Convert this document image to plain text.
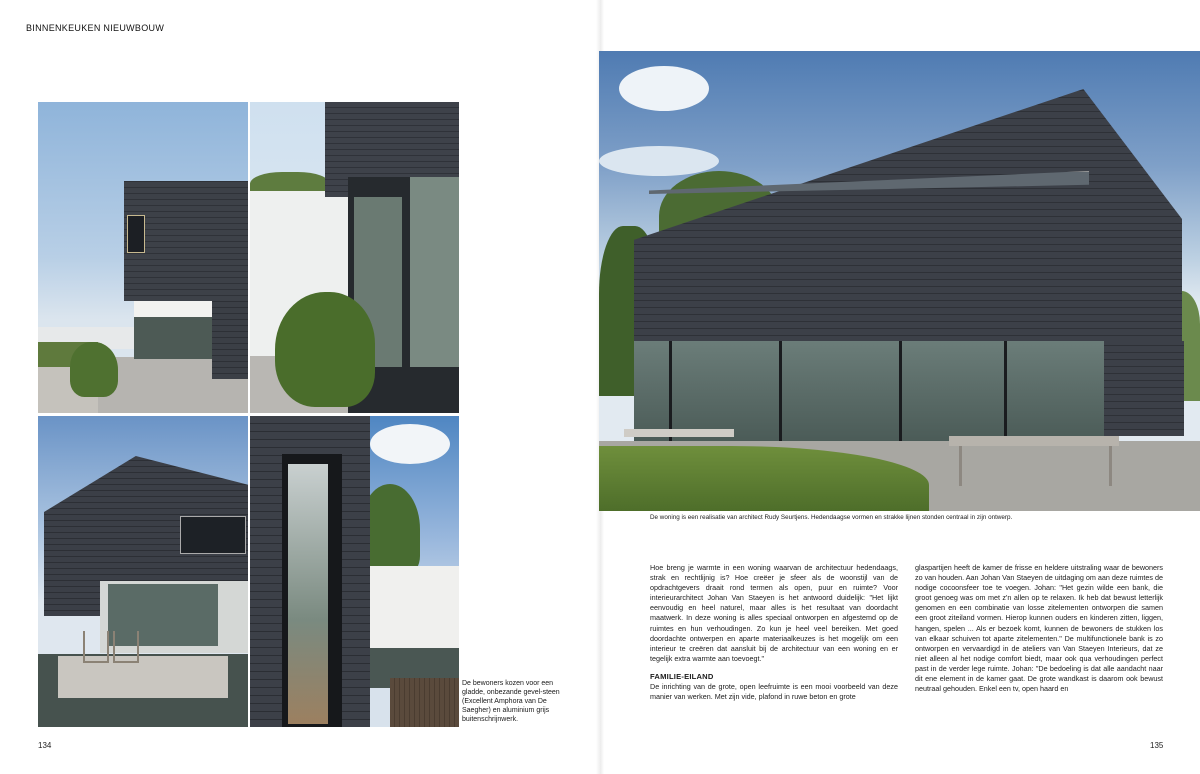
BINNENKEUKEN NIEUWBOUW
De bewoners kozen voor een gladde, onbezande gevel-steen (Excellent Amphora van De Saegher) en aluminium grijs buitenschrijnwerk.
134
De woning is een realisatie van architect Rudy Seurtjens. Hedendaagse vormen en strakke lijnen stonden centraal in zijn ontwerp.

Hoe breng je warmte in een woning waarvan de architectuur hedendaags, strak en rechtlijnig is? Hoe creëer je sfeer als de woonstijl van de opdrachtgevers draait rond termen als open, puur en ruimte? Voor interieurarchitect Johan Van Staeyen is het antwoord duidelijk: "Het lijkt eenvoudig en heel naturel, maar alles is het resultaat van doordacht maatwerk. In deze woning is alles speciaal ontworpen en afgestemd op de ruimtes en hun verhoudingen. Zo kun je heel veel bereiken. Met goed doordachte ontwerpen en aparte materiaalkeuzes is het mogelijk om een interieur te creëren dat aansluit bij de architectuur van een woning en er tegelijk extra warmte aan toevoegt."

FAMILIE-EILAND

De inrichting van de grote, open leefruimte is een mooi voorbeeld van deze manier van werken. Met zijn vide, plafond in ruwe beton en grote

glaspartijen heeft de kamer de frisse en heldere uitstraling waar de bewoners zo van houden. Aan Johan Van Staeyen de uitdaging om aan deze ruimtes de nodige cocoonsfeer toe te voegen. Johan: "Het gezin wilde een bank, die groot genoeg was om met z'n allen op te relaxen. Ik heb dat bewust letterlijk genomen en een combinatie van losse zitelementen ontworpen die samen een groot ziteiland vormen. Hierop kunnen ouders en kinderen zitten, liggen, hangen, spelen ... Als er bezoek komt, kunnen de bewoners de stukken los van elkaar schuiven tot aparte zitelementen." De multifunctionele bank is zo ontworpen en vervaardigd in de ateliers van Van Staeyen Interieurs, dat ze niet alleen al het nodige comfort biedt, maar ook qua verhoudingen perfect past in de verder lege ruimte. Johan: "De bedoeling is dat alle aandacht naar dit ene element in de kamer gaat. De grote wandkast is daarom ook bewust neutraal gehouden. Enkel een tv, open haard en

135
